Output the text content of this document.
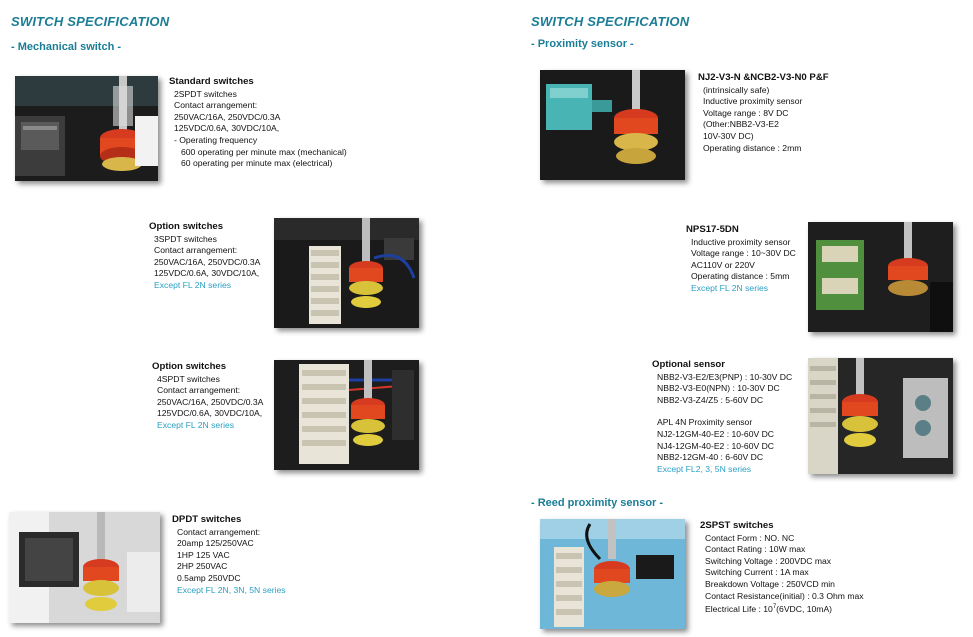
SWITCH SPECIFICATION
- Mechanical switch -
Standard switches
2SPDT switches
Contact arrangement:
250VAC/16A, 250VDC/0.3A
125VDC/0.6A, 30VDC/10A,
- Operating frequency
600 operating per minute max (mechanical)
60 operating per minute max (electrical)
Option switches
3SPDT switches
Contact arrangement:
250VAC/16A, 250VDC/0.3A
125VDC/0.6A, 30VDC/10A,
Except FL 2N series
Option switches
4SPDT switches
Contact arrangement:
250VAC/16A, 250VDC/0.3A
125VDC/0.6A, 30VDC/10A,
Except FL 2N series
DPDT switches
Contact arrangement:
20amp 125/250VAC
1HP 125 VAC
2HP 250VAC
0.5amp 250VDC
Except FL 2N, 3N, 5N series
SWITCH SPECIFICATION
- Proximity sensor -
NJ2-V3-N &NCB2-V3-N0 P&F
(intrinsically safe)
Inductive proximity sensor
Voltage range : 8V DC
(Other:NBB2-V3-E2
10V-30V DC)
Operating distance : 2mm
NPS17-5DN
Inductive proximity sensor
Voltage range : 10~30V DC
AC110V or 220V
Operating distance : 5mm
Except FL 2N series
Optional sensor
NBB2-V3-E2/E3(PNP) : 10-30V DC
NBB2-V3-E0(NPN) : 10-30V DC
NBB2-V3-Z4/Z5 : 5-60V DC
APL 4N Proximity sensor
NJ2-12GM-40-E2 : 10-60V DC
NJ4-12GM-40-E2 : 10-60V DC
NBB2-12GM-40 : 6-60V DC
Except FL2, 3, 5N series
- Reed proximity sensor -
2SPST switches
Contact Form : NO. NC
Contact Rating : 10W max
Switching Voltage : 200VDC max
Switching Current : 1A max
Breakdown Voltage : 250VCD min
Contact Resistance(initial) : 0.3 Ohm max
Electrical Life : $10^7(6VDC$, 10mA)
